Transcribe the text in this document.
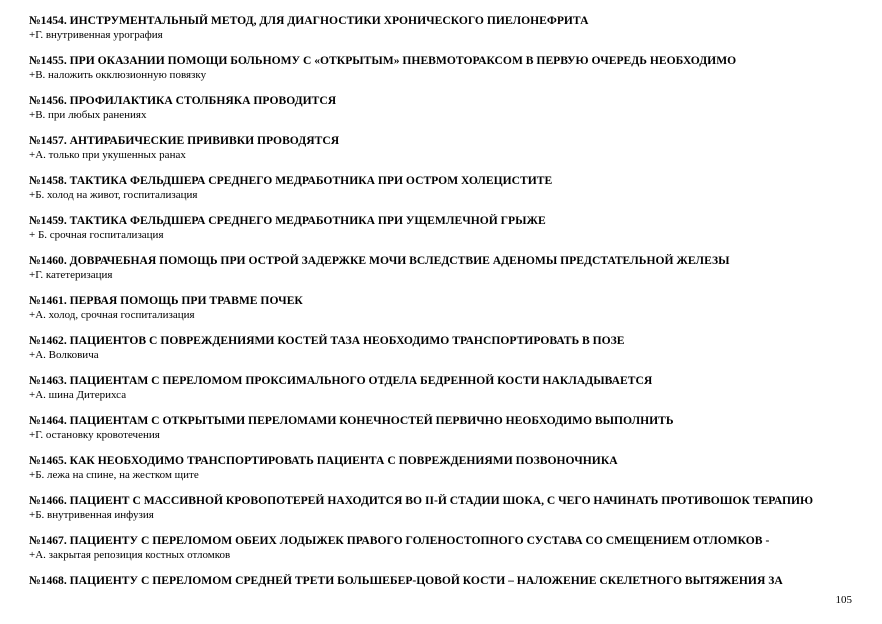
№1454. ИНСТРУМЕНТАЛЬНЫЙ МЕТОД, ДЛЯ ДИАГНОСТИКИ ХРОНИЧЕСКОГО ПИЕЛОНЕФРИТА
+Г. внутривенная урография
№1455. ПРИ ОКАЗАНИИ ПОМОЩИ БОЛЬНОМУ С «ОТКРЫТЫМ» ПНЕВМОТОРАКСОМ В ПЕРВУЮ ОЧЕРЕДЬ НЕОБХОДИМО
+В. наложить окклюзионную повязку
№1456. ПРОФИЛАКТИКА СТОЛБНЯКА ПРОВОДИТСЯ
+В. при любых ранениях
№1457. АНТИРАБИЧЕСКИЕ ПРИВИВКИ ПРОВОДЯТСЯ
+А. только при укушенных ранах
№1458. ТАКТИКА ФЕЛЬДШЕРА СРЕДНЕГО МЕДРАБОТНИКА ПРИ ОСТРОМ ХОЛЕЦИСТИТЕ
+Б. холод на живот, госпитализация
№1459. ТАКТИКА ФЕЛЬДШЕРА СРЕДНЕГО МЕДРАБОТНИКА ПРИ УЩЕМЛЕЧНОЙ ГРЫЖЕ
+ Б. срочная госпитализация
№1460. ДОВРАЧЕБНАЯ ПОМОЩЬ ПРИ ОСТРОЙ ЗАДЕРЖКЕ МОЧИ ВСЛЕДСТВИЕ АДЕНОМЫ ПРЕДСТАТЕЛЬНОЙ ЖЕЛЕЗЫ
+Г. катетеризация
№1461. ПЕРВАЯ ПОМОЩЬ ПРИ ТРАВМЕ ПОЧЕК
+А. холод, срочная госпитализация
№1462. ПАЦИЕНТОВ С ПОВРЕЖДЕНИЯМИ КОСТЕЙ ТАЗА НЕОБХОДИМО ТРАНСПОРТИРОВАТЬ В ПОЗЕ
+А. Волковича
№1463. ПАЦИЕНТАМ С ПЕРЕЛОМОМ ПРОКСИМАЛЬНОГО ОТДЕЛА БЕДРЕННОЙ КОСТИ НАКЛАДЫВАЕТСЯ
+А. шина Дитерихса
№1464. ПАЦИЕНТАМ С ОТКРЫТЫМИ ПЕРЕЛОМАМИ КОНЕЧНОСТЕЙ ПЕРВИЧНО НЕОБХОДИМО ВЫПОЛНИТЬ
+Г. остановку кровотечения
№1465. КАК НЕОБХОДИМО ТРАНСПОРТИРОВАТЬ ПАЦИЕНТА С ПОВРЕЖДЕНИЯМИ ПОЗВОНОЧНИКА
+Б. лежа на спине, на жестком щите
№1466. ПАЦИЕНТ С МАССИВНОЙ КРОВОПОТЕРЕЙ НАХОДИТСЯ ВО II-Й СТАДИИ ШОКА, С ЧЕГО НАЧИНАТЬ ПРОТИВОШОК ТЕРАПИЮ
+Б. внутривенная инфузия
№1467. ПАЦИЕНТУ С ПЕРЕЛОМОМ ОБЕИХ ЛОДЫЖЕК ПРАВОГО ГОЛЕНОСТОПНОГО СУСТАВА СО СМЕЩЕНИЕМ ОТЛОМКОВ -
+А. закрытая репозиция костных отломков
№1468. ПАЦИЕНТУ С ПЕРЕЛОМОМ СРЕДНЕЙ ТРЕТИ БОЛЬШЕБЕР-ЦОВОЙ КОСТИ – НАЛОЖЕНИЕ СКЕЛЕТНОГО ВЫТЯЖЕНИЯ ЗА
105
